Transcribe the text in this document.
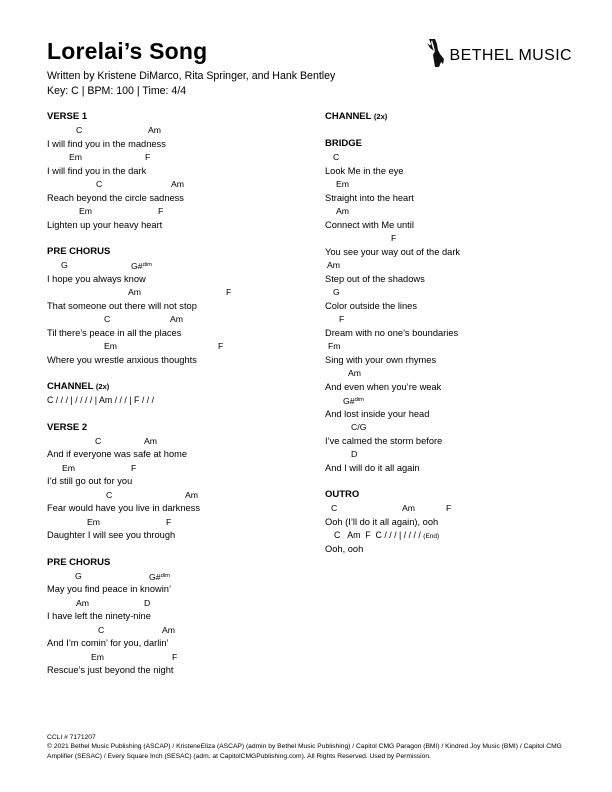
Lorelai’s Song
Written by Kristene DiMarco, Rita Springer, and Hank Bentley
Key: C | BPM: 100 | Time: 4/4
BETHEL MUSIC
VERSE 1
C	Am
I will find you in the madness
Em	F
I will find you in the dark
C	Am
Reach beyond the circle sadness
Em	F
Lighten up your heavy heart
PRE CHORUS
G	G#$^{dim}$
I hope you always know
Am	F
That someone out there will not stop
C	Am
Til there’s peace in all the places
Em	F
Where you wrestle anxious thoughts
CHANNEL (2x)
C / / / | / / / / | Am / / / | F / / /
VERSE 2
C	Am
And if everyone was safe at home
Em	F
I’d still go out for you
C	Am
Fear would have you live in darkness
Em	F
Daughter I will see you through
PRE CHORUS
G	G#$^{dim}$
May you find peace in knowin’
Am	D
I have left the ninety-nine
C	Am
And I’m comin’ for you, darlin’
Em	F
Rescue’s just beyond the night
CHANNEL (2x)
BRIDGE
C
Look Me in the eye
Em
Straight into the heart
Am
Connect with Me until
F
You see your way out of the dark
Am
Step out of the shadows
G
Color outside the lines
F
Dream with no one’s boundaries
Fm
Sing with your own rhymes
Am
And even when you’re weak
G#$^{dim}$
And lost inside your head
C/G
I’ve calmed the storm before
D
And I will do it all again
OUTRO
C	Am	F
Ooh (I’ll do it all again), ooh
C   Am  F  C / / / | / / / / (End)
Ooh, ooh
CCLI # 7171207
© 2021 Bethel Music Publishing (ASCAP) / KristeneEliza (ASCAP) (admin by Bethel Music Publishing) / Capitol CMG Paragon (BMI) / Kindred Joy Music (BMI) / Capitol CMG Amplifier (SESAC) / Every Square Inch (SESAC) (adm. at CapitolCMGPublishing.com). All Rights Reserved. Used by Permission.
